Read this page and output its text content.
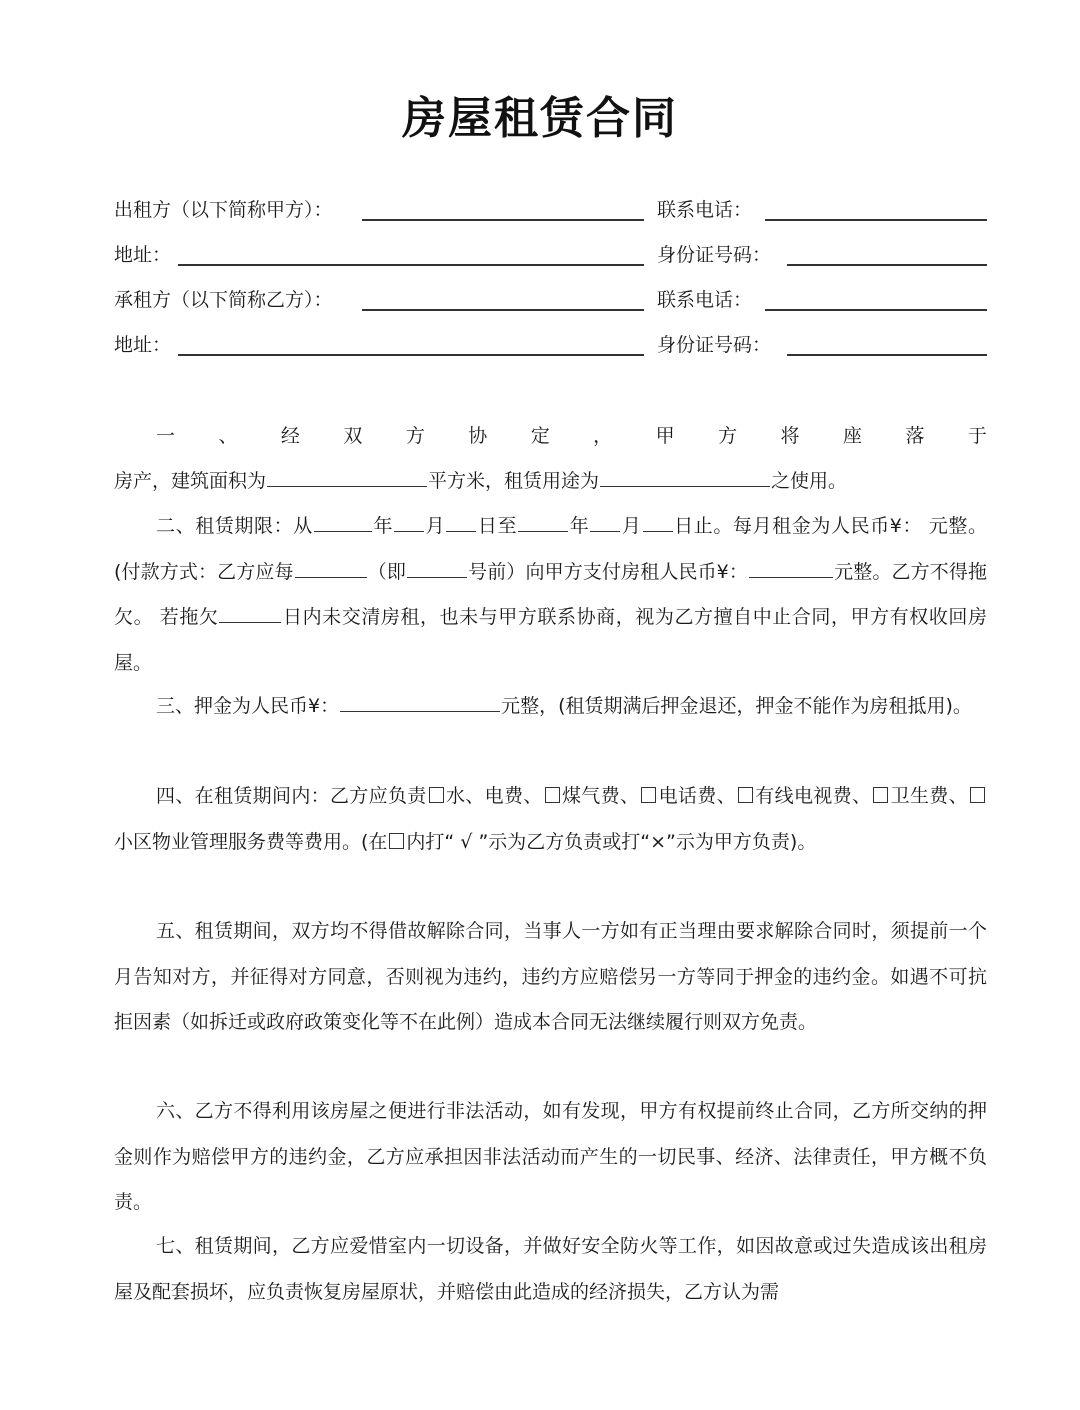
房屋租赁合同
出租方（以下简称甲方）：	联系电话：
地址：	身份证号码：
承租方（以下简称乙方）：	联系电话：
地址：	身份证号码：
一 、 经 双 方 协 定 ， 甲 方 将 座 落 于
房产，建筑面积为	平方米，租赁用途为	之使用。
二、租赁期限：从	年 月 日至	年 月 日止。每月租金为人民币¥： 元整。(付款方式：乙方应每	（即	号前）向甲方支付房租人民币¥：	元整。乙方不得拖欠。 若拖欠	日内未交清房租，也未与甲方联系协商，视为乙方擅自中止合同，甲方有权收回房屋。
三、押金为人民币¥：	元整，(租赁期满后押金退还，押金不能作为房租抵用)。
四、在租赁期间内：乙方应负责 水、电费、 煤气费、 电话费、 有线电视费、 卫生费、小区物业管理服务费等费用。(在 内打“ √ ”示为乙方负责或打“×”示为甲方负责)。
五、租赁期间，双方均不得借故解除合同，当事人一方如有正当理由要求解除合同时，须提前一个月告知对方，并征得对方同意，否则视为违约，违约方应赔偿另一方等同于押金的违约金。如遇不可抗拒因素（如拆迁或政府政策变化等不在此例）造成本合同无法继续履行则双方免责。
六、乙方不得利用该房屋之便进行非法活动，如有发现，甲方有权提前终止合同，乙方所交纳的押金则作为赔偿甲方的违约金，乙方应承担因非法活动而产生的一切民事、经济、法律责任，甲方概不负责。
七、租赁期间，乙方应爱惜室内一切设备，并做好安全防火等工作，如因故意或过失造成该出租房屋及配套损坏，应负责恢复房屋原状，并赔偿由此造成的经济损失，乙方认为需
